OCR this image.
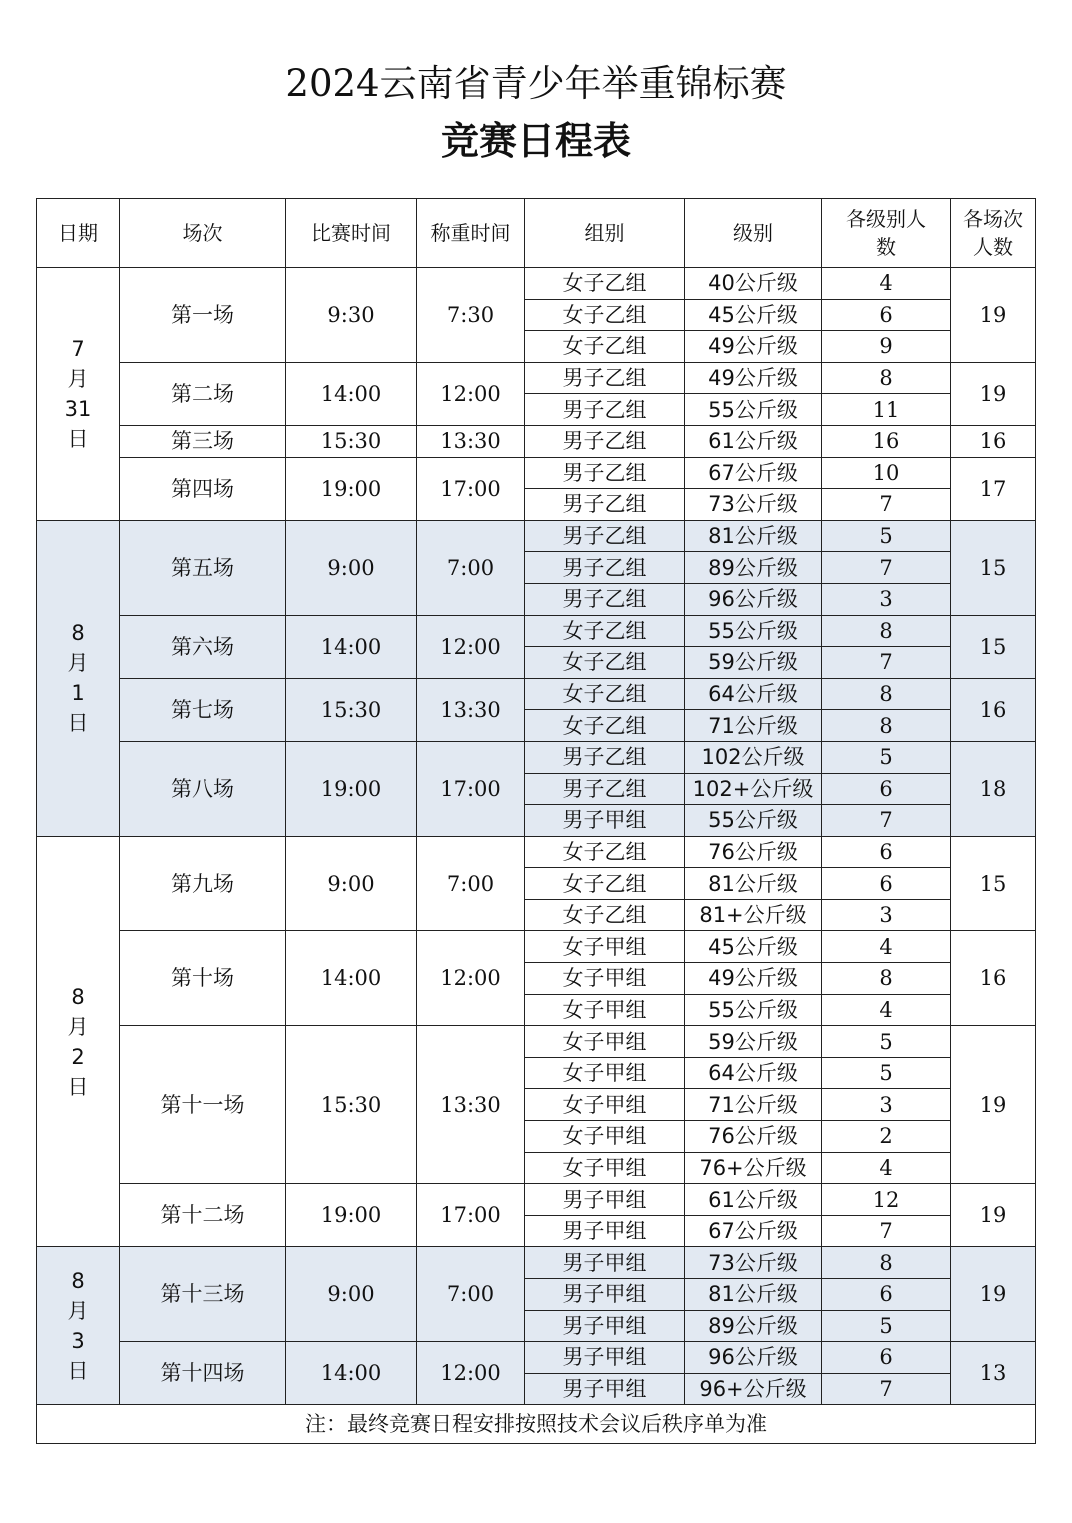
2024云南省青少年举重锦标赛
竞赛日程表
日期	场次	比赛时间	称重时间	组别	级别	各级别人数	各场次人数

7
月
31
日	第一场	9:30	7:30	女子乙组	40公斤级	4	19
				女子乙组	45公斤级	6	
				女子乙组	49公斤级	9	
	第二场	14:00	12:00	男子乙组	49公斤级	8	19
				男子乙组	55公斤级	11	
	第三场	15:30	13:30	男子乙组	61公斤级	16	16
	第四场	19:00	17:00	男子乙组	67公斤级	10	17
				男子乙组	73公斤级	7	

8
月
1
日	第五场	9:00	7:00	男子乙组	81公斤级	5	15
				男子乙组	89公斤级	7	
				男子乙组	96公斤级	3	
	第六场	14:00	12:00	女子乙组	55公斤级	8	15
				女子乙组	59公斤级	7	
	第七场	15:30	13:30	女子乙组	64公斤级	8	16
				女子乙组	71公斤级	8	
	第八场	19:00	17:00	男子乙组	102公斤级	5	18
				男子乙组	102+公斤级	6	
				男子甲组	55公斤级	7	

8
月
2
日	第九场	9:00	7:00	女子乙组	76公斤级	6	15
				女子乙组	81公斤级	6	
				女子乙组	81+公斤级	3	
	第十场	14:00	12:00	女子甲组	45公斤级	4	16
				女子甲组	49公斤级	8	
				女子甲组	55公斤级	4	
	第十一场	15:30	13:30	女子甲组	59公斤级	5	19
				女子甲组	64公斤级	5	
				女子甲组	71公斤级	3	
				女子甲组	76公斤级	2	
				女子甲组	76+公斤级	4	
	第十二场	19:00	17:00	男子甲组	61公斤级	12	19
				男子甲组	67公斤级	7	

8
月
3
日	第十三场	9:00	7:00	男子甲组	73公斤级	8	19
				男子甲组	81公斤级	6	
				男子甲组	89公斤级	5	
	第十四场	14:00	12:00	男子甲组	96公斤级	6	13
				男子甲组	96+公斤级	7	
注：最终竞赛日程安排按照技术会议后秩序单为准							
